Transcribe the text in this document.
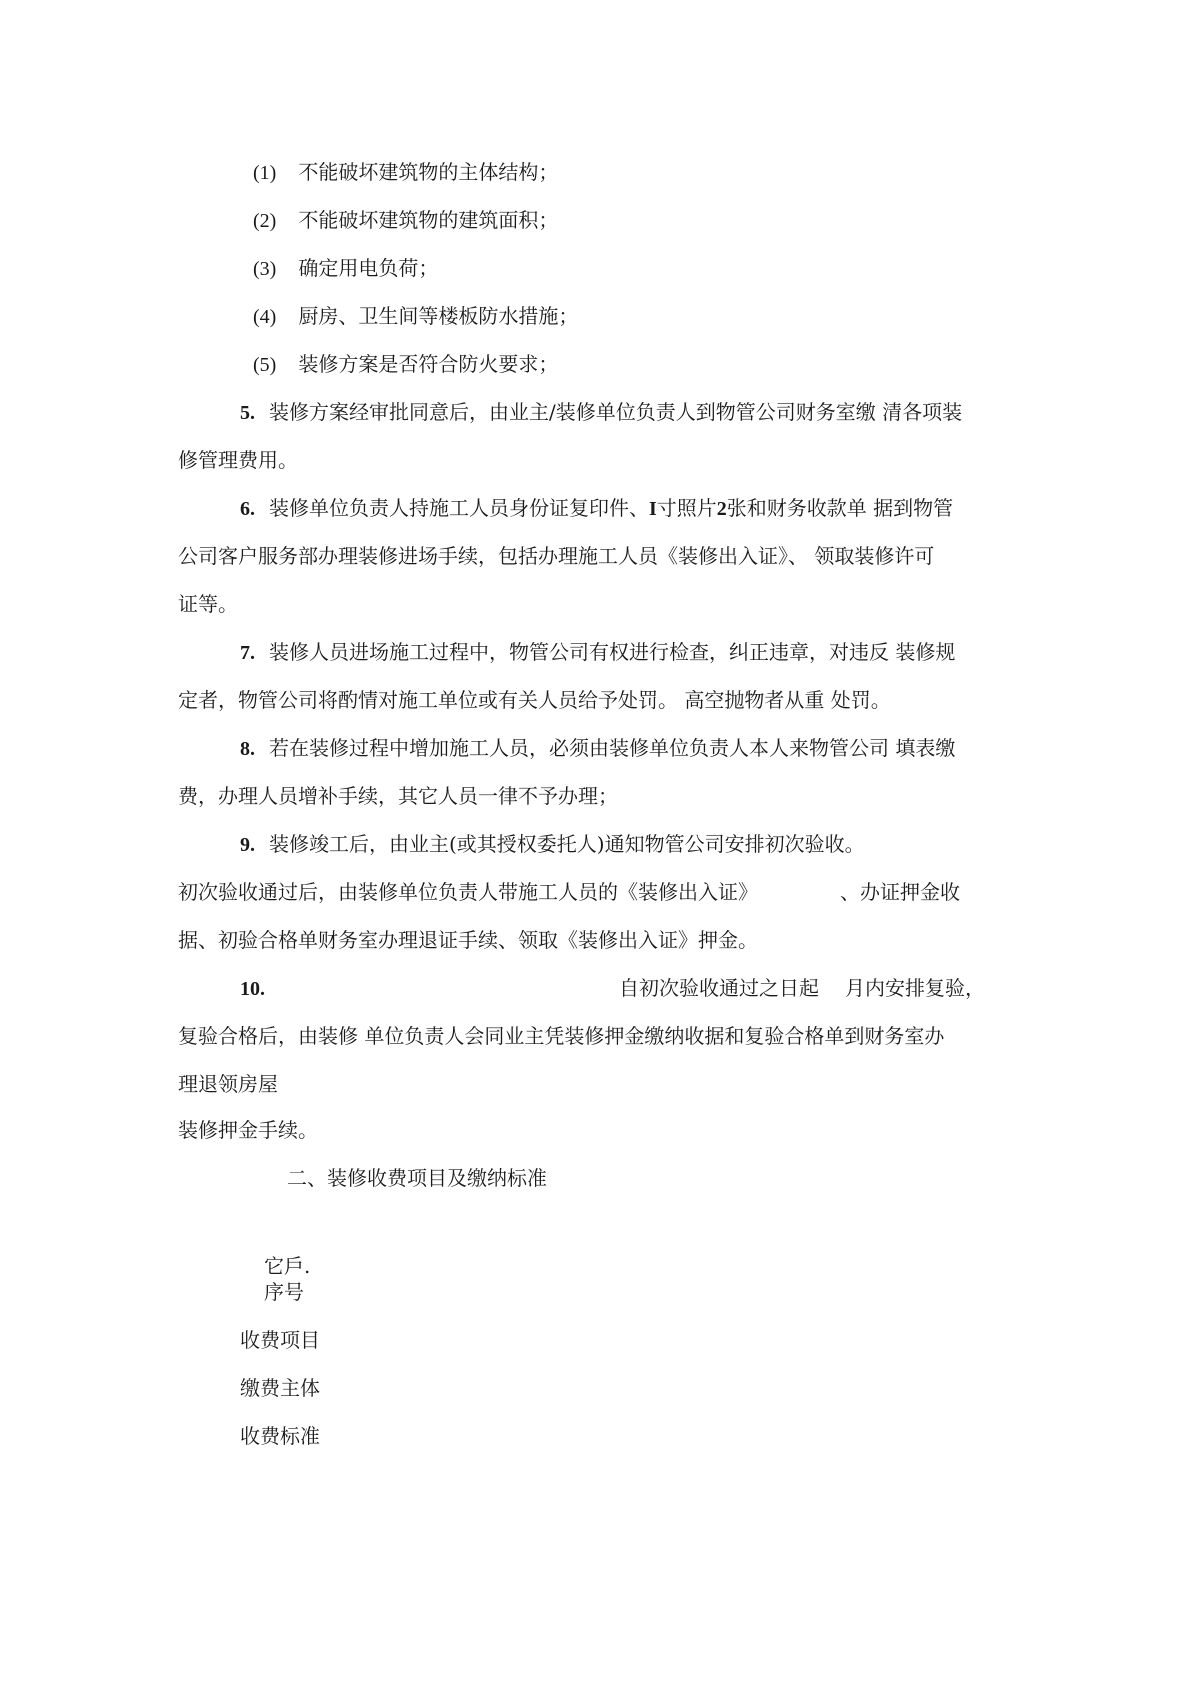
(1) 不能破坏建筑物的主体结构；
(2) 不能破坏建筑物的建筑面积；
(3) 确定用电负荷；
(4) 厨房、卫生间等楼板防水措施；
(5) 装修方案是否符合防火要求；
5. 装修方案经审批同意后，由业主/装修单位负责人到物管公司财务室缴 清各项装
修管理费用。
6. 装修单位负责人持施工人员身份证复印件、I寸照片2张和财务收款单 据到物管
公司客户服务部办理装修进场手续，包括办理施工人员《装修出入证》、 领取装修许可
证等。
7. 装修人员进场施工过程中，物管公司有权进行检查，纠正违章，对违反 装修规
定者，物管公司将酌情对施工单位或有关人员给予处罚。 高空抛物者从重 处罚。
8. 若在装修过程中增加施工人员，必须由装修单位负责人本人来物管公司 填表缴
费，办理人员增补手续，其它人员一律不予办理；
9. 装修竣工后，由业主(或其授权委托人)通知物管公司安排初次验收。
初次验收通过后，由装修单位负责人带施工人员的《装修出入证》	、办证押金收
据、初验合格单财务室办理退证手续、领取《装修出入证》押金。
10.	自初次验收通过之日起 月内安排复验，
复验合格后，由装修 单位负责人会同业主凭装修押金缴纳收据和复验合格单到财务室办
理退领房屋
装修押金手续。
二、装修收费项目及缴纳标准
它戶.
序号
收费项目
缴费主体
收费标准
